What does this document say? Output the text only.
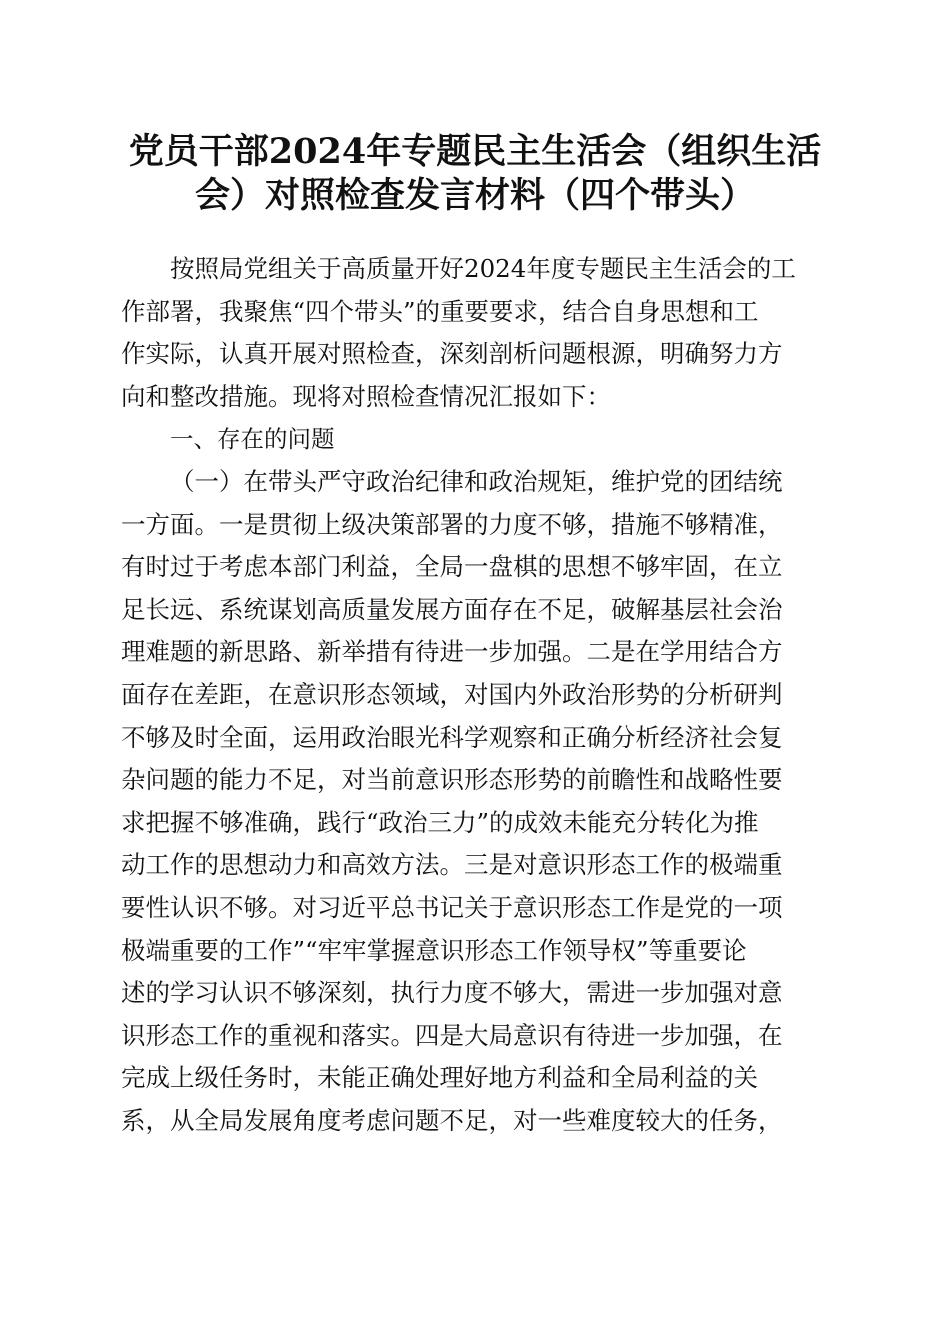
党员干部2024年专题民主生活会（组织生活
会）对照检查发言材料（四个带头）
按照局党组关于高质量开好2024年度专题民主生活会的工
作部署，我聚焦“四个带头”的重要要求，结合自身思想和工
作实际，认真开展对照检查，深刻剖析问题根源，明确努力方
向和整改措施。现将对照检查情况汇报如下：
一、存在的问题
（一）在带头严守政治纪律和政治规矩，维护党的团结统
一方面。一是贯彻上级决策部署的力度不够，措施不够精准，
有时过于考虑本部门利益，全局一盘棋的思想不够牢固，在立
足长远、系统谋划高质量发展方面存在不足，破解基层社会治
理难题的新思路、新举措有待进一步加强。二是在学用结合方
面存在差距，在意识形态领域，对国内外政治形势的分析研判
不够及时全面，运用政治眼光科学观察和正确分析经济社会复
杂问题的能力不足，对当前意识形态形势的前瞻性和战略性要
求把握不够准确，践行“政治三力”的成效未能充分转化为推
动工作的思想动力和高效方法。三是对意识形态工作的极端重
要性认识不够。对习近平总书记关于意识形态工作是党的一项
极端重要的工作”“牢牢掌握意识形态工作领导权”等重要论
述的学习认识不够深刻，执行力度不够大，需进一步加强对意
识形态工作的重视和落实。四是大局意识有待进一步加强，在
完成上级任务时，未能正确处理好地方利益和全局利益的关
系，从全局发展角度考虑问题不足，对一些难度较大的任务，
